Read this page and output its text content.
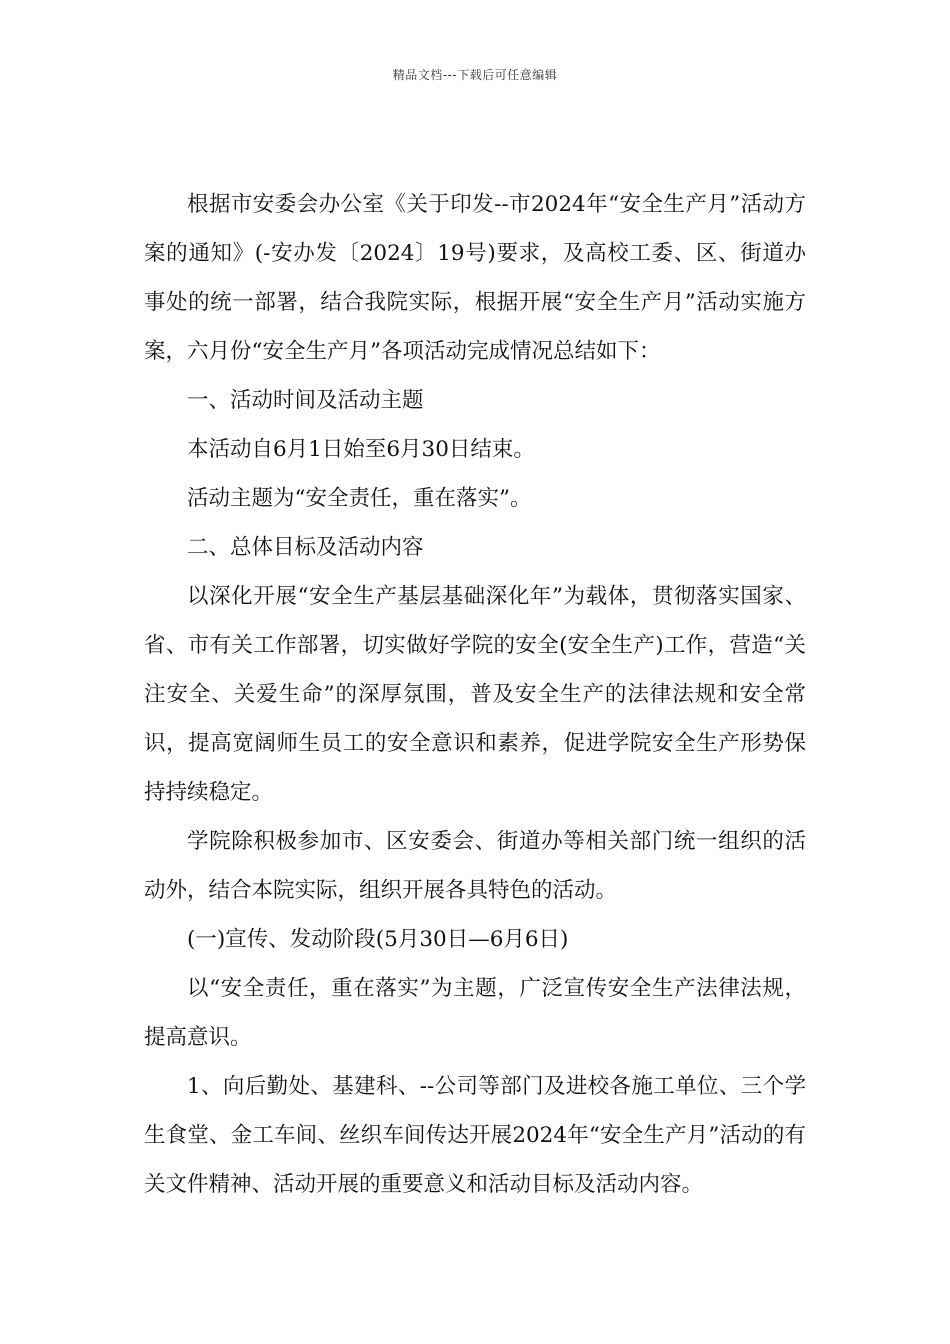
精品文档---下载后可任意编辑

根据市安委会办公室《关于印发--市2024年“安全生产月”活动方案的通知》(-安办发〔2024〕19号)要求，及高校工委、区、街道办事处的统一部署，结合我院实际，根据开展“安全生产月”活动实施方案，六月份“安全生产月”各项活动完成情况总结如下：

一、活动时间及活动主题

本活动自6月1日始至6月30日结束。

活动主题为“安全责任，重在落实”。

二、总体目标及活动内容

以深化开展“安全生产基层基础深化年”为载体，贯彻落实国家、省、市有关工作部署，切实做好学院的安全(安全生产)工作，营造“关注安全、关爱生命”的深厚氛围，普及安全生产的法律法规和安全常识，提高宽阔师生员工的安全意识和素养，促进学院安全生产形势保持持续稳定。

学院除积极参加市、区安委会、街道办等相关部门统一组织的活动外，结合本院实际，组织开展各具特色的活动。

(一)宣传、发动阶段(5月30日—6月6日)

以“安全责任，重在落实”为主题，广泛宣传安全生产法律法规，提高意识。

1、向后勤处、基建科、--公司等部门及进校各施工单位、三个学生食堂、金工车间、丝织车间传达开展2024年“安全生产月”活动的有关文件精神、活动开展的重要意义和活动目标及活动内容。
